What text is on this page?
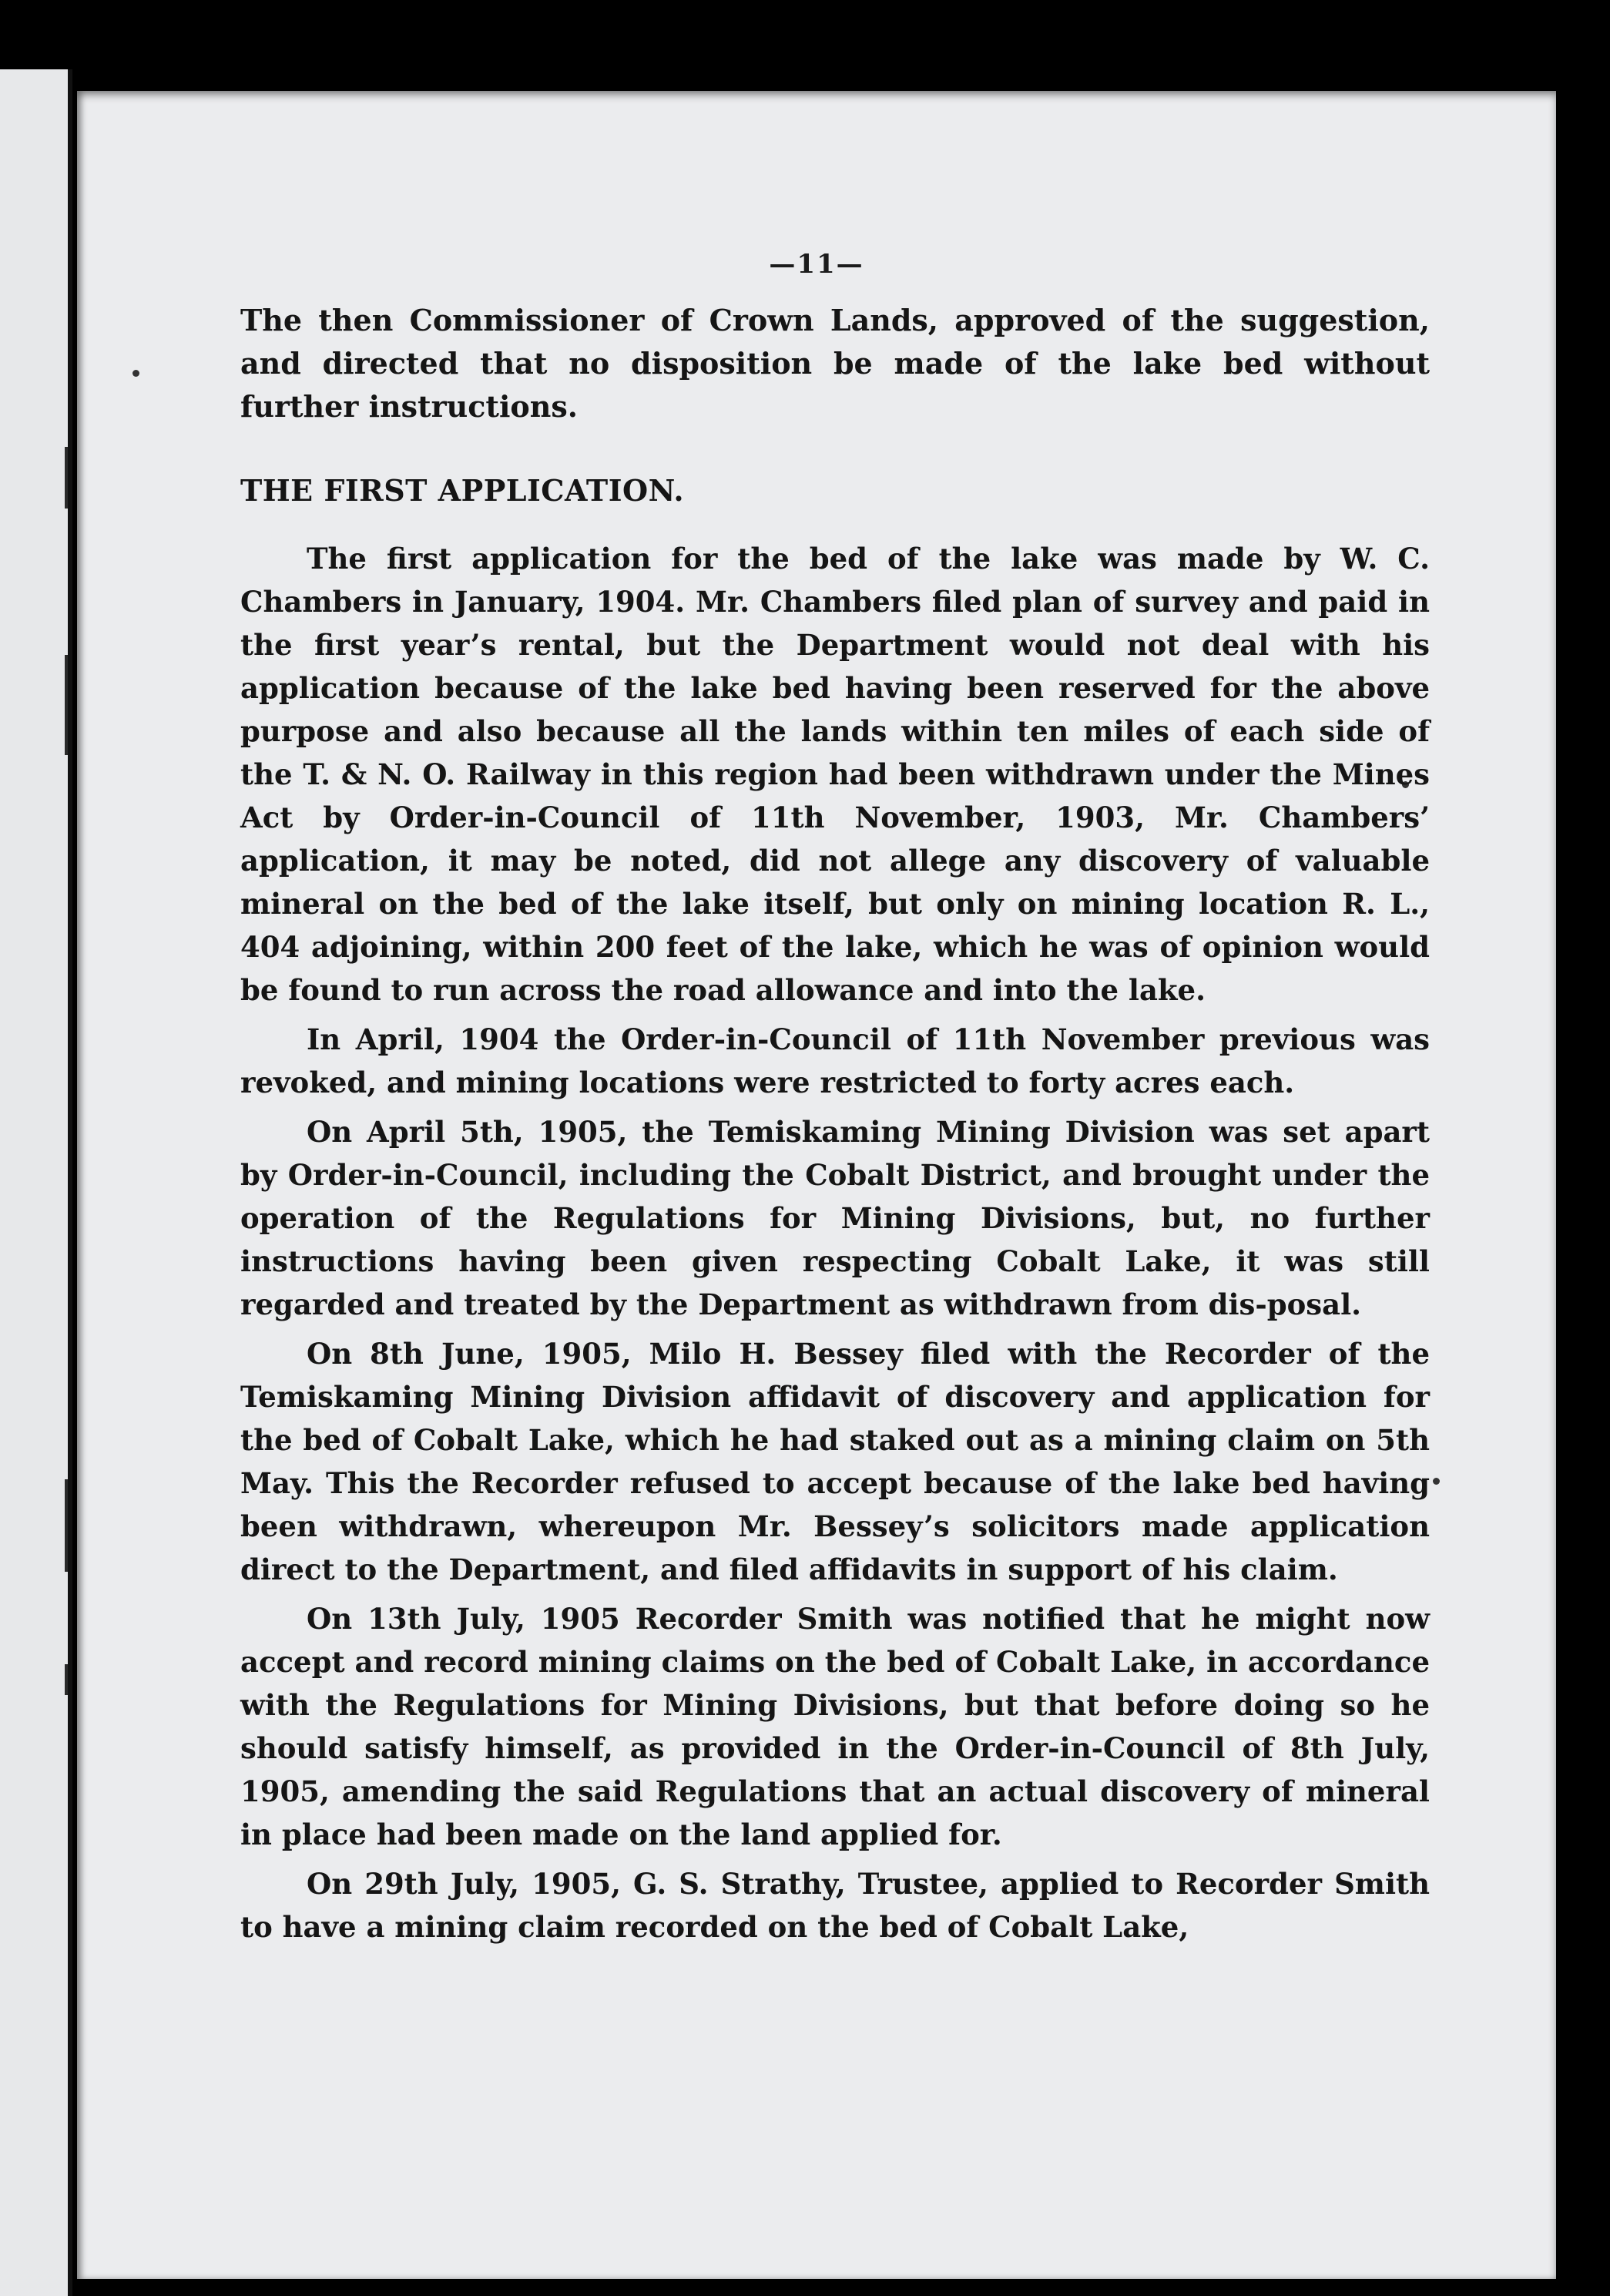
—11—

The then Commissioner of Crown Lands, approved of the suggestion, and directed that no disposition be made of the lake bed without further instructions.

THE FIRST APPLICATION.

The first application for the bed of the lake was made by W. C. Chambers in January, 1904. Mr. Chambers filed plan of survey and paid in the first year’s rental, but the Department would not deal with his application because of the lake bed having been reserved for the above purpose and also because all the lands within ten miles of each side of the T. & N. O. Railway in this region had been withdrawn under the Mines Act by Order-in-Council of 11th November, 1903, Mr. Chambers’ application, it may be noted, did not allege any discovery of valuable mineral on the bed of the lake itself, but only on mining location R. L., 404 adjoining, within 200 feet of the lake, which he was of opinion would be found to run across the road allowance and into the lake.

In April, 1904 the Order-in-Council of 11th November previous was revoked, and mining locations were restricted to forty acres each.

On April 5th, 1905, the Temiskaming Mining Division was set apart by Order-in-Council, including the Cobalt District, and brought under the operation of the Regulations for Mining Divisions, but, no further instructions having been given respecting Cobalt Lake, it was still regarded and treated by the Department as withdrawn from dis-posal.

On 8th June, 1905, Milo H. Bessey filed with the Recorder of the Temiskaming Mining Division affidavit of discovery and application for the bed of Cobalt Lake, which he had staked out as a mining claim on 5th May. This the Recorder refused to accept because of the lake bed having been withdrawn, whereupon Mr. Bessey’s solicitors made application direct to the Department, and filed affidavits in support of his claim.

On 13th July, 1905 Recorder Smith was notified that he might now accept and record mining claims on the bed of Cobalt Lake, in accordance with the Regulations for Mining Divisions, but that before doing so he should satisfy himself, as provided in the Order-in-Council of 8th July, 1905, amending the said Regulations that an actual discovery of mineral in place had been made on the land applied for.

On 29th July, 1905, G. S. Strathy, Trustee, applied to Recorder Smith to have a mining claim recorded on the bed of Cobalt Lake,
